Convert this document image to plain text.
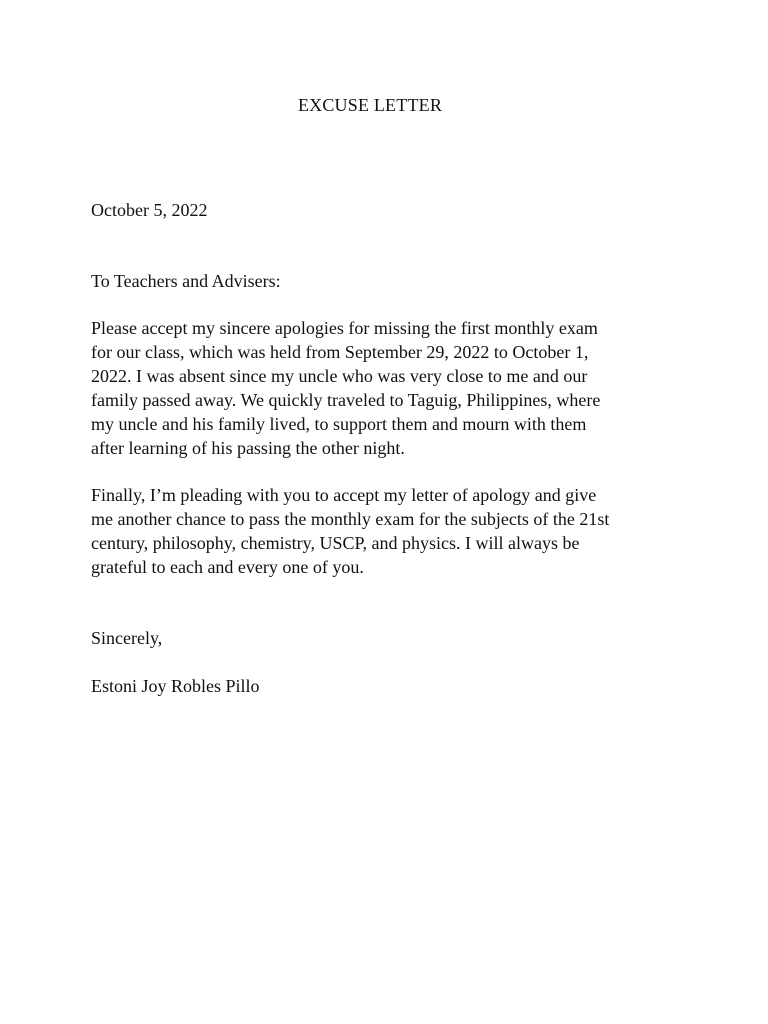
EXCUSE LETTER
October 5, 2022
To Teachers and Advisers:
Please accept my sincere apologies for missing the first monthly exam
for our class, which was held from September 29, 2022 to October 1,
2022. I was absent since my uncle who was very close to me and our
family passed away. We quickly traveled to Taguig, Philippines, where
my uncle and his family lived, to support them and mourn with them
after learning of his passing the other night.
Finally, I’m pleading with you to accept my letter of apology and give
me another chance to pass the monthly exam for the subjects of the 21st
century, philosophy, chemistry, USCP, and physics. I will always be
grateful to each and every one of you.
Sincerely,
Estoni Joy Robles Pillo
